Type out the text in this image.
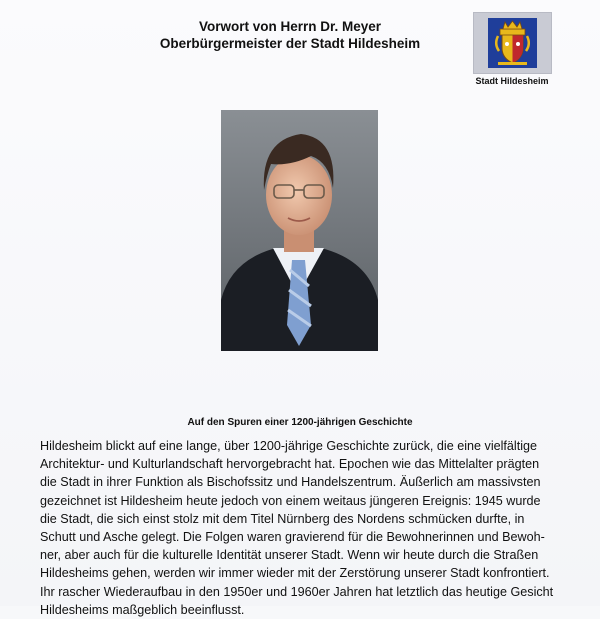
Vorwort von Herrn Dr. Meyer
Oberbürgermeister der Stadt Hildesheim
Stadt Hildesheim
Auf den Spuren einer 1200-jährigen Geschichte
Hildesheim blickt auf eine lange, über 1200-jährige Geschichte zurück, die eine vielfältige
Architektur- und Kulturlandschaft hervorgebracht hat. Epochen wie das Mittelalter prägten
die Stadt in ihrer Funktion als Bischofssitz und Handelszentrum. Äußerlich am massivsten
gezeichnet ist Hildesheim heute jedoch von einem weitaus jüngeren Ereignis: 1945 wurde
die Stadt, die sich einst stolz mit dem Titel Nürnberg des Nordens schmücken durfte, in
Schutt und Asche gelegt. Die Folgen waren gravierend für die Bewohnerinnen und Bewoh-
ner, aber auch für die kulturelle Identität unserer Stadt. Wenn wir heute durch die Straßen
Hildesheims gehen, werden wir immer wieder mit der Zerstörung unserer Stadt konfrontiert.
Ihr rascher Wiederaufbau in den 1950er und 1960er Jahren hat letztlich das heutige Gesicht
Hildesheims maßgeblich beeinflusst.
